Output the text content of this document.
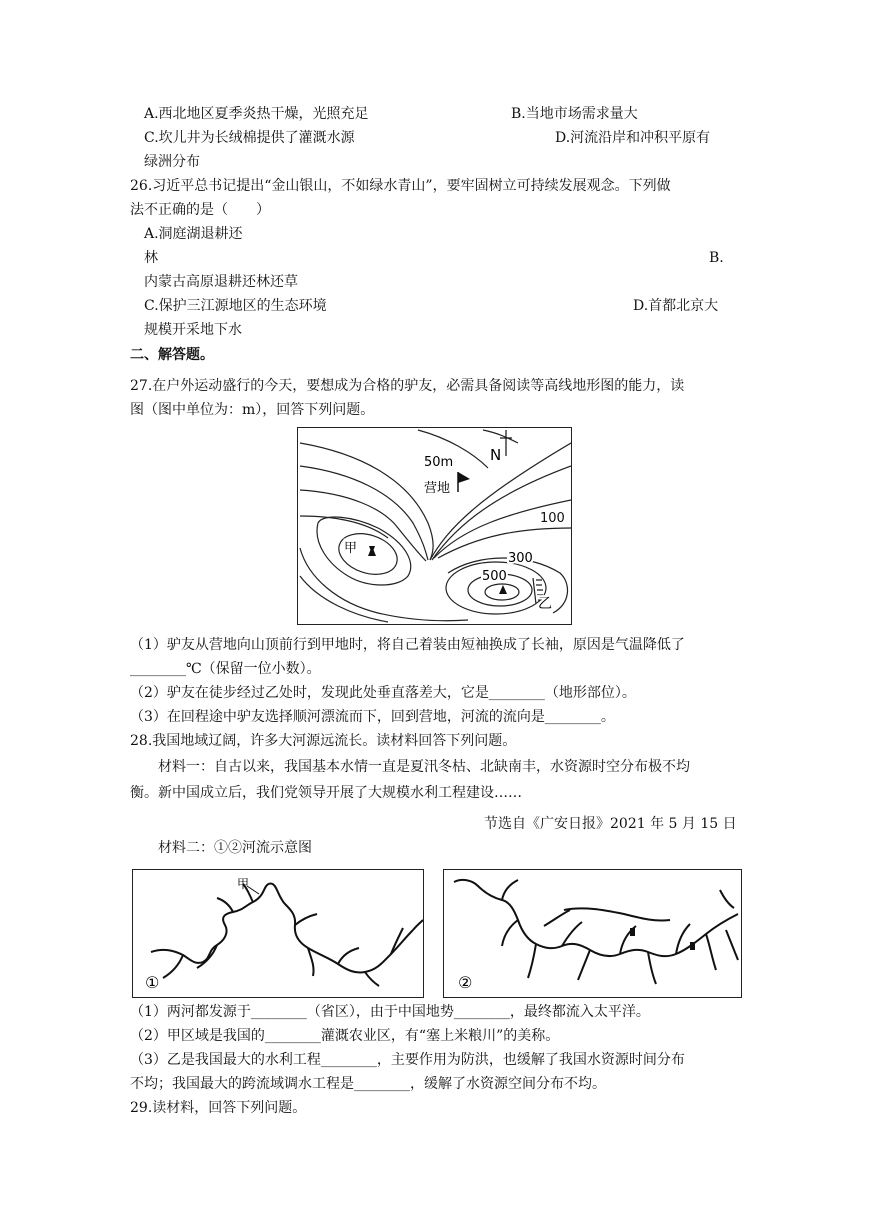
A.西北地区夏季炎热干燥，光照充足	B.当地市场需求量大
C.坎儿井为长绒棉提供了灌溉水源	D.河流沿岸和冲积平原有
绿洲分布
26.习近平总书记提出“金山银山，不如绿水青山”，要牢固树立可持续发展观念。下列做
法不正确的是（　　）
A.洞庭湖退耕还
林	B.
内蒙古高原退耕还林还草
C.保护三江源地区的生态环境	D.首都北京大
规模开采地下水
二、解答题。
27.在户外运动盛行的今天，要想成为合格的驴友，必需具备阅读等高线地形图的能力，读
图（图中单位为：m），回答下列问题。
50m
营地
N
100
甲
300
500
乙
（1）驴友从营地向山顶前行到甲地时，将自己着装由短袖换成了长袖，原因是气温降低了
________℃（保留一位小数）。
（2）驴友在徒步经过乙处时，发现此处垂直落差大，它是________（地形部位）。
（3）在回程途中驴友选择顺河漂流而下，回到营地，河流的流向是________。
28.我国地域辽阔，许多大河源远流长。读材料回答下列问题。
材料一：自古以来，我国基本水情一直是夏汛冬枯、北缺南丰，水资源时空分布极不均
衡。新中国成立后，我们党领导开展了大规模水利工程建设……
节选自《广安日报》2021 年 5 月 15 日
材料二：①②河流示意图
甲
①	②
（1）两河都发源于________（省区），由于中国地势________，最终都流入太平洋。
（2）甲区域是我国的________灌溉农业区，有“塞上米粮川”的美称。
（3）乙是我国最大的水利工程________，主要作用为防洪，也缓解了我国水资源时间分布
不均；我国最大的跨流域调水工程是________，缓解了水资源空间分布不均。
29.读材料，回答下列问题。
